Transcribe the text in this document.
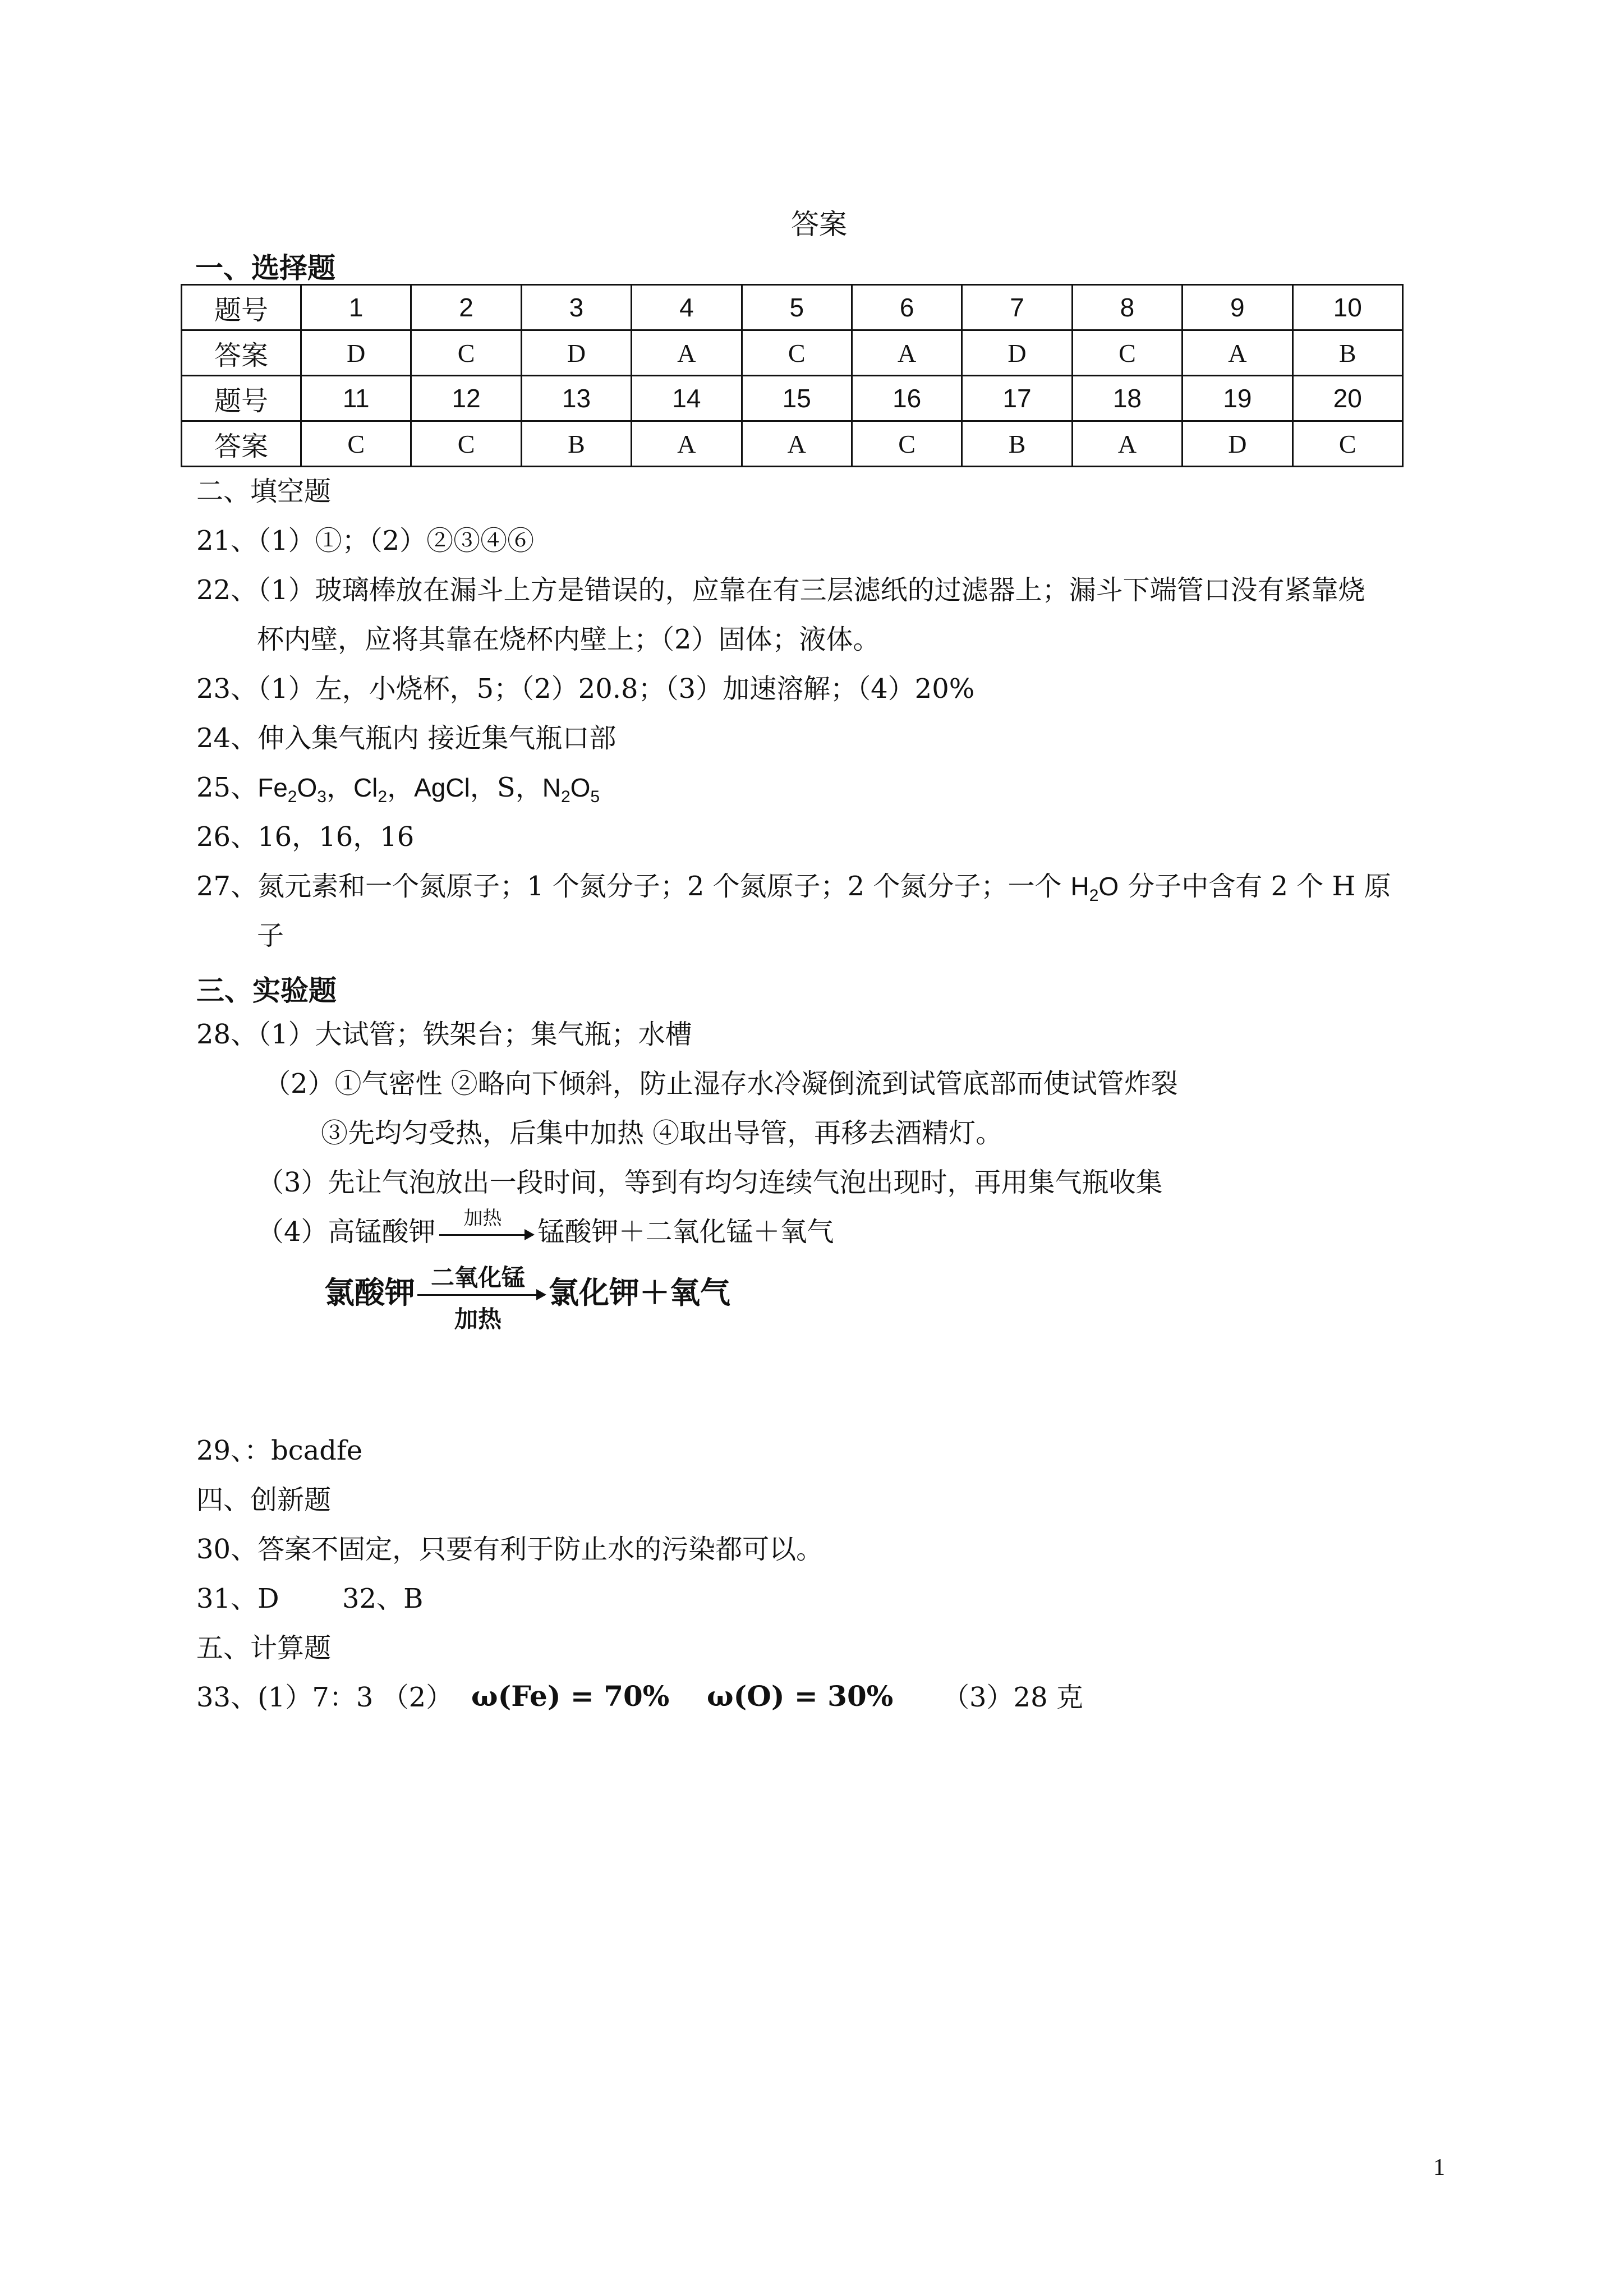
答案
一、选择题
题号	1	2	3	4	5	6	7	8	9	10
答案	D	C	D	A	C	A	D	C	A	B
题号	11	12	13	14	15	16	17	18	19	20
答案	C	C	B	A	A	C	B	A	D	C
二、填空题
21、（1）①；（2）②③④⑥
22、（1）玻璃棒放在漏斗上方是错误的，应靠在有三层滤纸的过滤器上；漏斗下端管口没有紧靠烧
杯内壁，应将其靠在烧杯内壁上；（2）固体；液体。
23、（1）左，小烧杯，5；（2）20.8；（3）加速溶解；（4）20%
24、伸入集气瓶内 接近集气瓶口部
25、$Fe_2O_3$，$Cl_2$，AgCl，S，$N_2O_5$
26、16，16，16
27、氮元素和一个氮原子；1 个氮分子；2 个氮原子；2 个氮分子；一个 $H_2O$ 分子中含有 2 个 H 原
子
三、实验题
28、（1）大试管；铁架台；集气瓶；水槽
（2）①气密性 ②略向下倾斜，防止湿存水冷凝倒流到试管底部而使试管炸裂
③先均匀受热，后集中加热 ④取出导管，再移去酒精灯。
（3）先让气泡放出一段时间，等到有均匀连续气泡出现时，再用集气瓶收集
（4）高锰酸钾	加热	锰酸钾＋二氧化锰＋氧气
氯酸钾 二氧化锰
加热
氯化钾＋氧气
29、：bcadfe
四、创新题
30、答案不固定，只要有利于防止水的污染都可以。
31、D 32、B
五、计算题
33、(1）7：3 （2） ω(Fe) = 70% ω(O) = 30% （3）28 克
1
